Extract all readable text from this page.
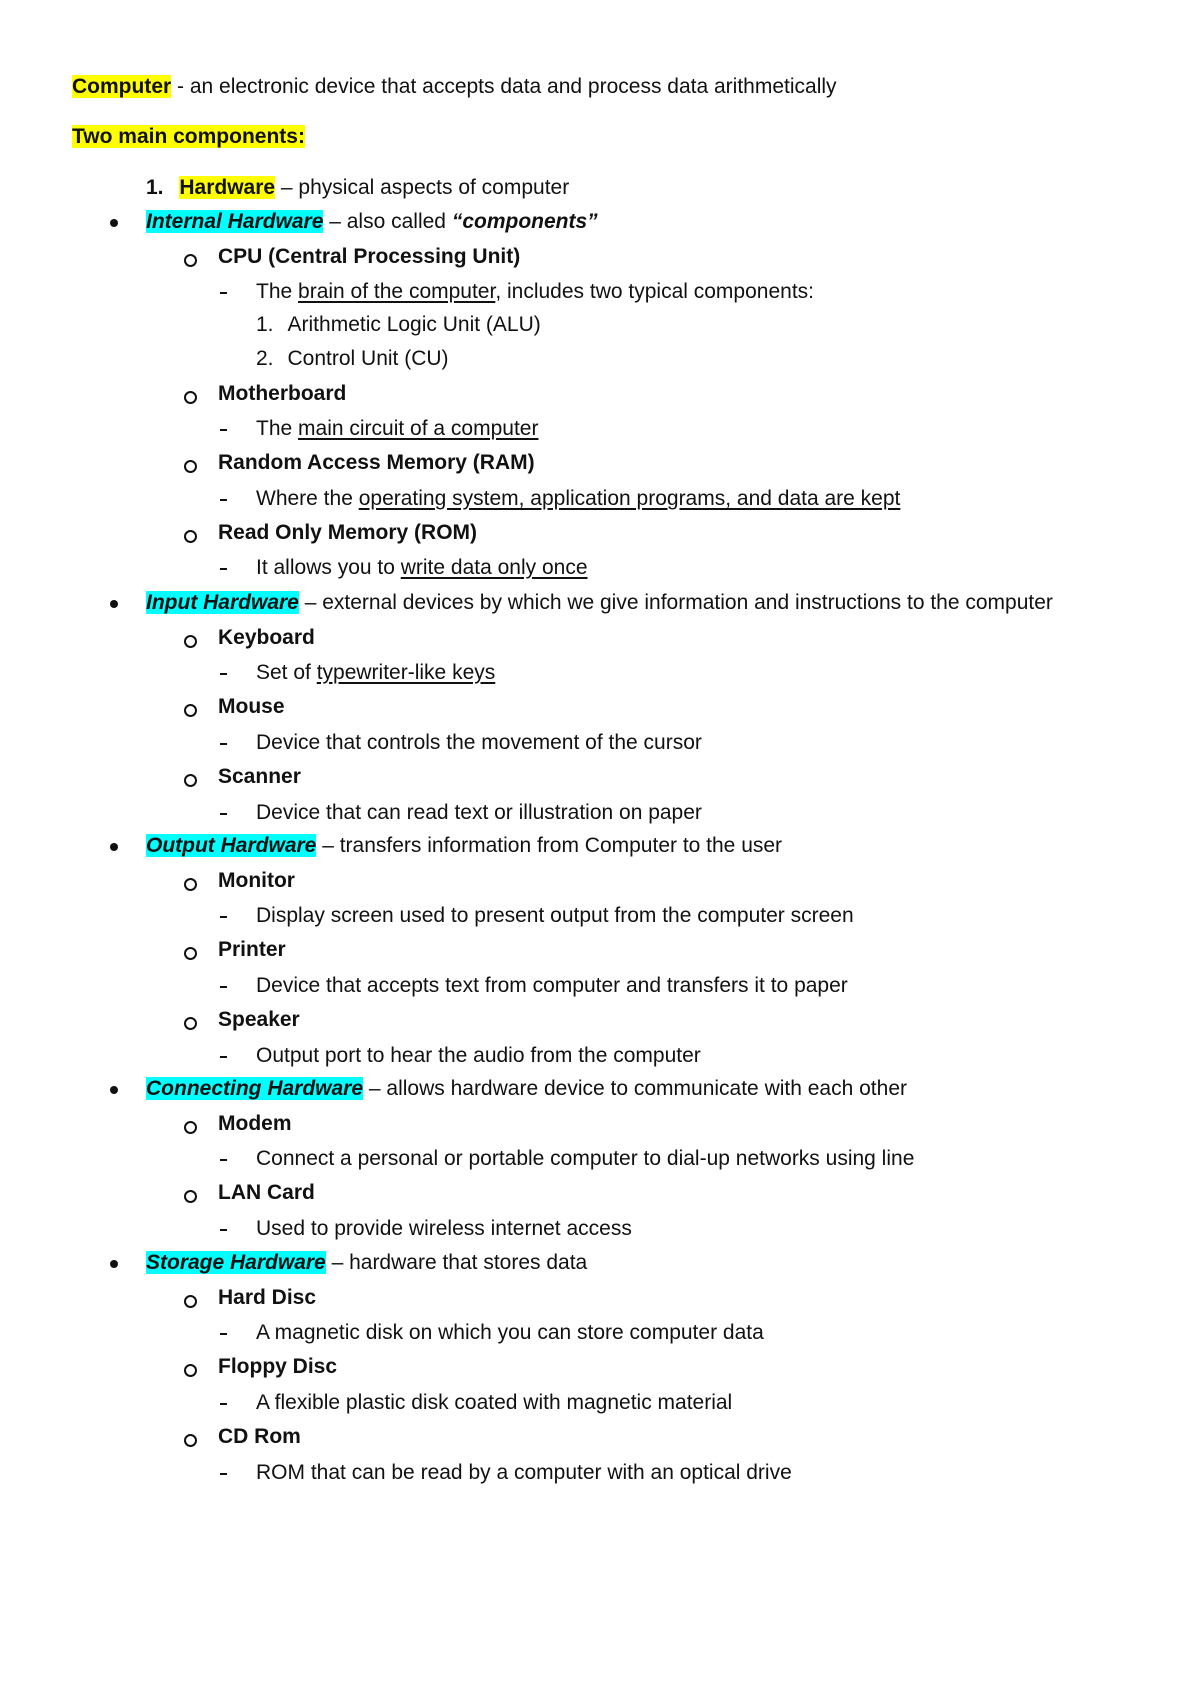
Computer - an electronic device that accepts data and process data arithmetically
Two main components:
1. Hardware – physical aspects of computer
Internal Hardware – also called “components”
CPU (Central Processing Unit)
The brain of the computer, includes two typical components:
1. Arithmetic Logic Unit (ALU)
2. Control Unit (CU)
Motherboard
The main circuit of a computer
Random Access Memory (RAM)
Where the operating system, application programs, and data are kept
Read Only Memory (ROM)
It allows you to write data only once
Input Hardware – external devices by which we give information and instructions to the computer
Keyboard
Set of typewriter-like keys
Mouse
Device that controls the movement of the cursor
Scanner
Device that can read text or illustration on paper
Output Hardware – transfers information from Computer to the user
Monitor
Display screen used to present output from the computer screen
Printer
Device that accepts text from computer and transfers it to paper
Speaker
Output port to hear the audio from the computer
Connecting Hardware – allows hardware device to communicate with each other
Modem
Connect a personal or portable computer to dial-up networks using line
LAN Card
Used to provide wireless internet access
Storage Hardware – hardware that stores data
Hard Disc
A magnetic disk on which you can store computer data
Floppy Disc
A flexible plastic disk coated with magnetic material
CD Rom
ROM that can be read by a computer with an optical drive
